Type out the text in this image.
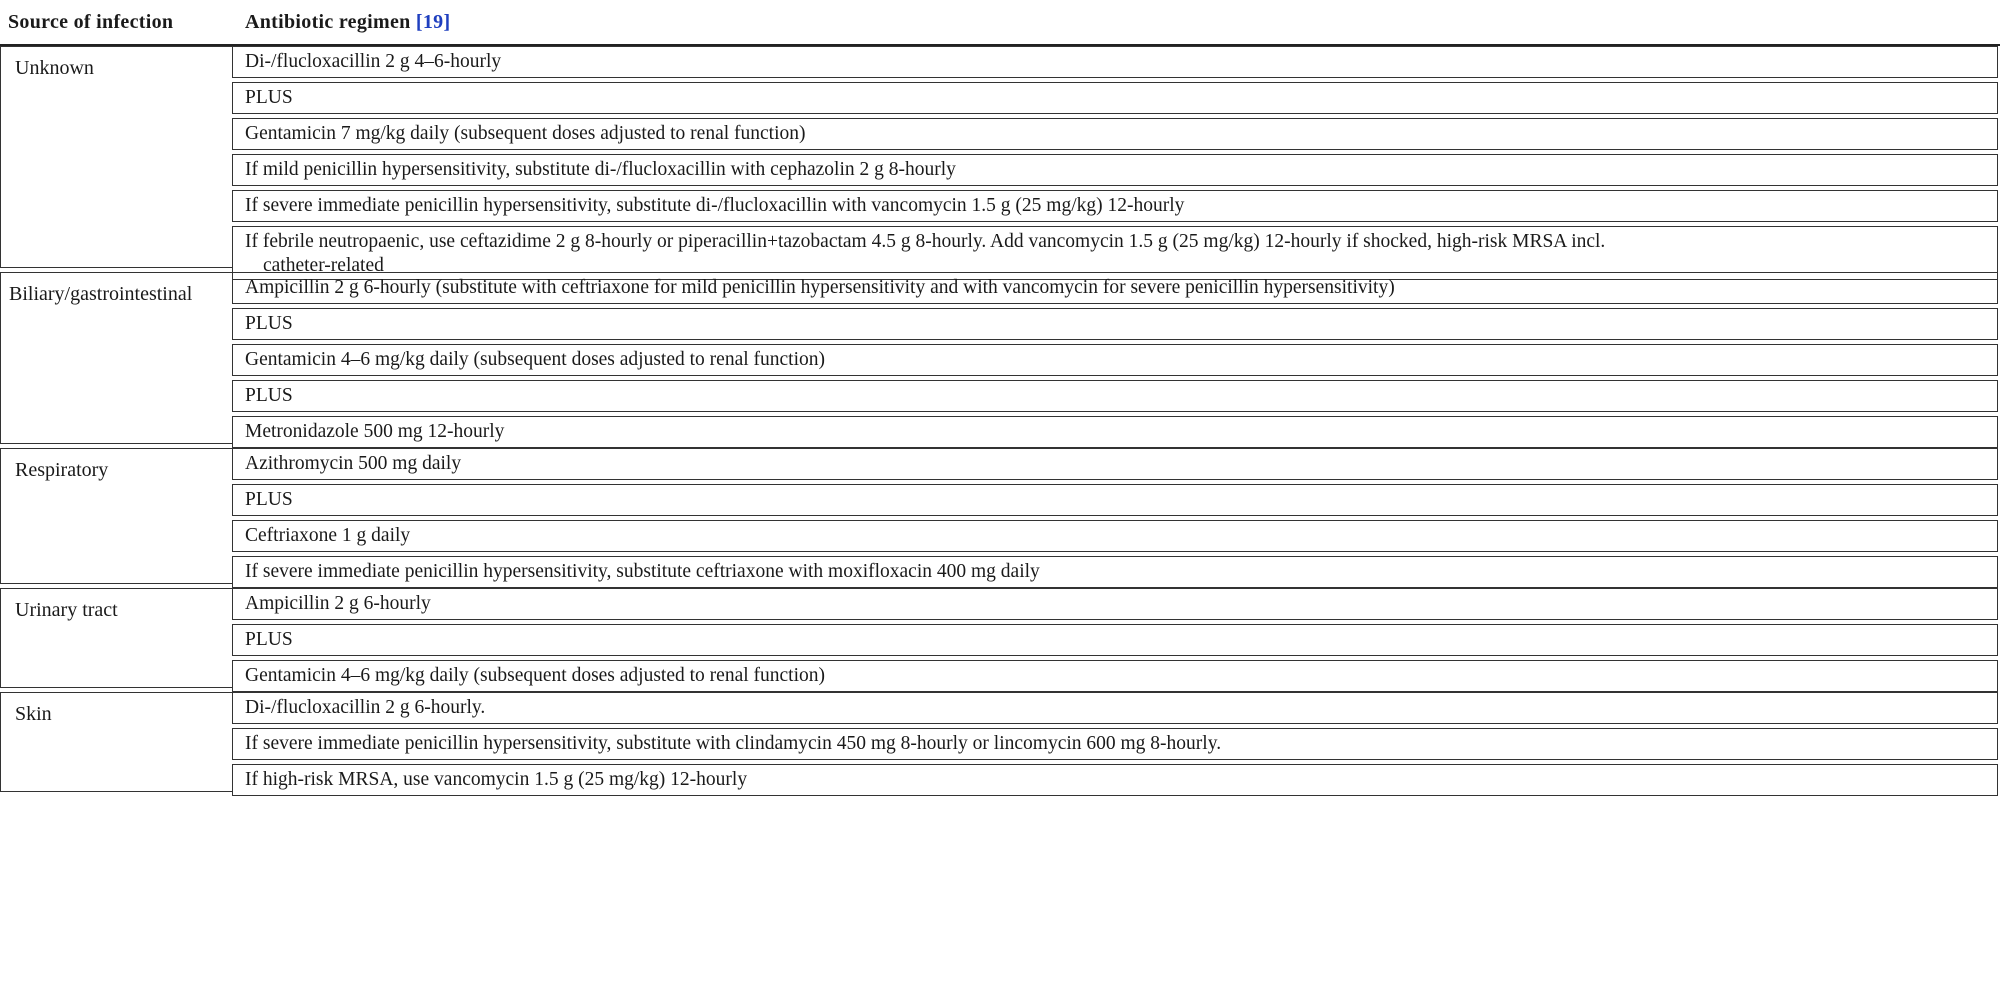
Source of infection	Antibiotic regimen [19]
Unknown	Di-/flucloxacillin 2 g 4–6-hourly
PLUS
Gentamicin 7 mg/kg daily (subsequent doses adjusted to renal function)
If mild penicillin hypersensitivity, substitute di-/flucloxacillin with cephazolin 2 g 8-hourly
If severe immediate penicillin hypersensitivity, substitute di-/flucloxacillin with vancomycin 1.5 g (25 mg/kg) 12-hourly
If febrile neutropaenic, use ceftazidime 2 g 8-hourly or piperacillin+tazobactam 4.5 g 8-hourly. Add vancomycin 1.5 g (25 mg/kg) 12-hourly if shocked, high-risk MRSA incl.
catheter-related
Biliary/gastrointestinal	Ampicillin 2 g 6-hourly (substitute with ceftriaxone for mild penicillin hypersensitivity and with vancomycin for severe penicillin hypersensitivity)
PLUS
Gentamicin 4–6 mg/kg daily (subsequent doses adjusted to renal function)
PLUS
Metronidazole 500 mg 12-hourly
Respiratory	Azithromycin 500 mg daily
PLUS
Ceftriaxone 1 g daily
If severe immediate penicillin hypersensitivity, substitute ceftriaxone with moxifloxacin 400 mg daily
Urinary tract	Ampicillin 2 g 6-hourly
PLUS
Gentamicin 4–6 mg/kg daily (subsequent doses adjusted to renal function)
Skin	Di-/flucloxacillin 2 g 6-hourly.
If severe immediate penicillin hypersensitivity, substitute with clindamycin 450 mg 8-hourly or lincomycin 600 mg 8-hourly.
If high-risk MRSA, use vancomycin 1.5 g (25 mg/kg) 12-hourly
